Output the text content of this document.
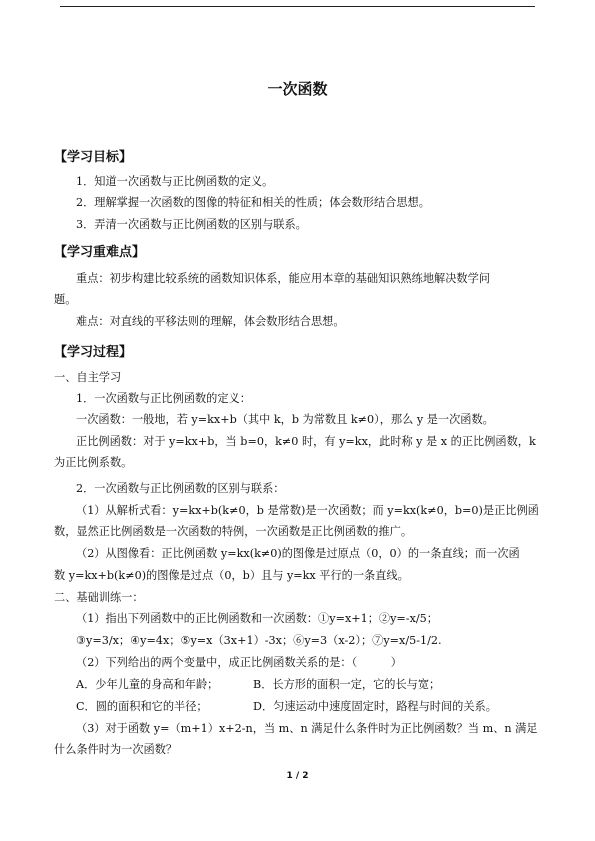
一次函数
【学习目标】
1．知道一次函数与正比例函数的定义。
2．理解掌握一次函数的图像的特征和相关的性质；体会数形结合思想。
3．弄清一次函数与正比例函数的区别与联系。
【学习重难点】
重点：初步构建比较系统的函数知识体系，能应用本章的基础知识熟练地解决数学问
题。
难点：对直线的平移法则的理解，体会数形结合思想。
【学习过程】
一、自主学习
1．一次函数与正比例函数的定义：
一次函数：一般地，若 y=kx+b（其中 k，b 为常数且 k≠0），那么 y 是一次函数。
正比例函数：对于 y=kx+b，当 b=0，k≠0 时，有 y=kx，此时称 y 是 x 的正比例函数，k
为正比例系数。
2．一次函数与正比例函数的区别与联系：
（1）从解析式看：y=kx+b(k≠0，b 是常数)是一次函数；而 y=kx(k≠0，b=0)是正比例函
数，显然正比例函数是一次函数的特例，一次函数是正比例函数的推广。
（2）从图像看：正比例函数 y=kx(k≠0)的图像是过原点（0，0）的一条直线；而一次函
数 y=kx+b(k≠0)的图像是过点（0，b）且与 y=kx 平行的一条直线。
二、基础训练一：
（1）指出下列函数中的正比例函数和一次函数：①y=x+1；②y=-x/5；
③y=3/x；④y=4x；⑤y=x（3x+1）-3x；⑥y=3（x-2）；⑦y=x/5-1/2.
（2）下列给出的两个变量中，成正比例函数关系的是：（　　　）
A．少年儿童的身高和年龄；	B．长方形的面积一定，它的长与宽；
C．圆的面积和它的半径；	D．匀速运动中速度固定时，路程与时间的关系。
（3）对于函数 y=（m+1）x+2-n，当 m、n 满足什么条件时为正比例函数？当 m、n 满足
什么条件时为一次函数？
1 / 2
